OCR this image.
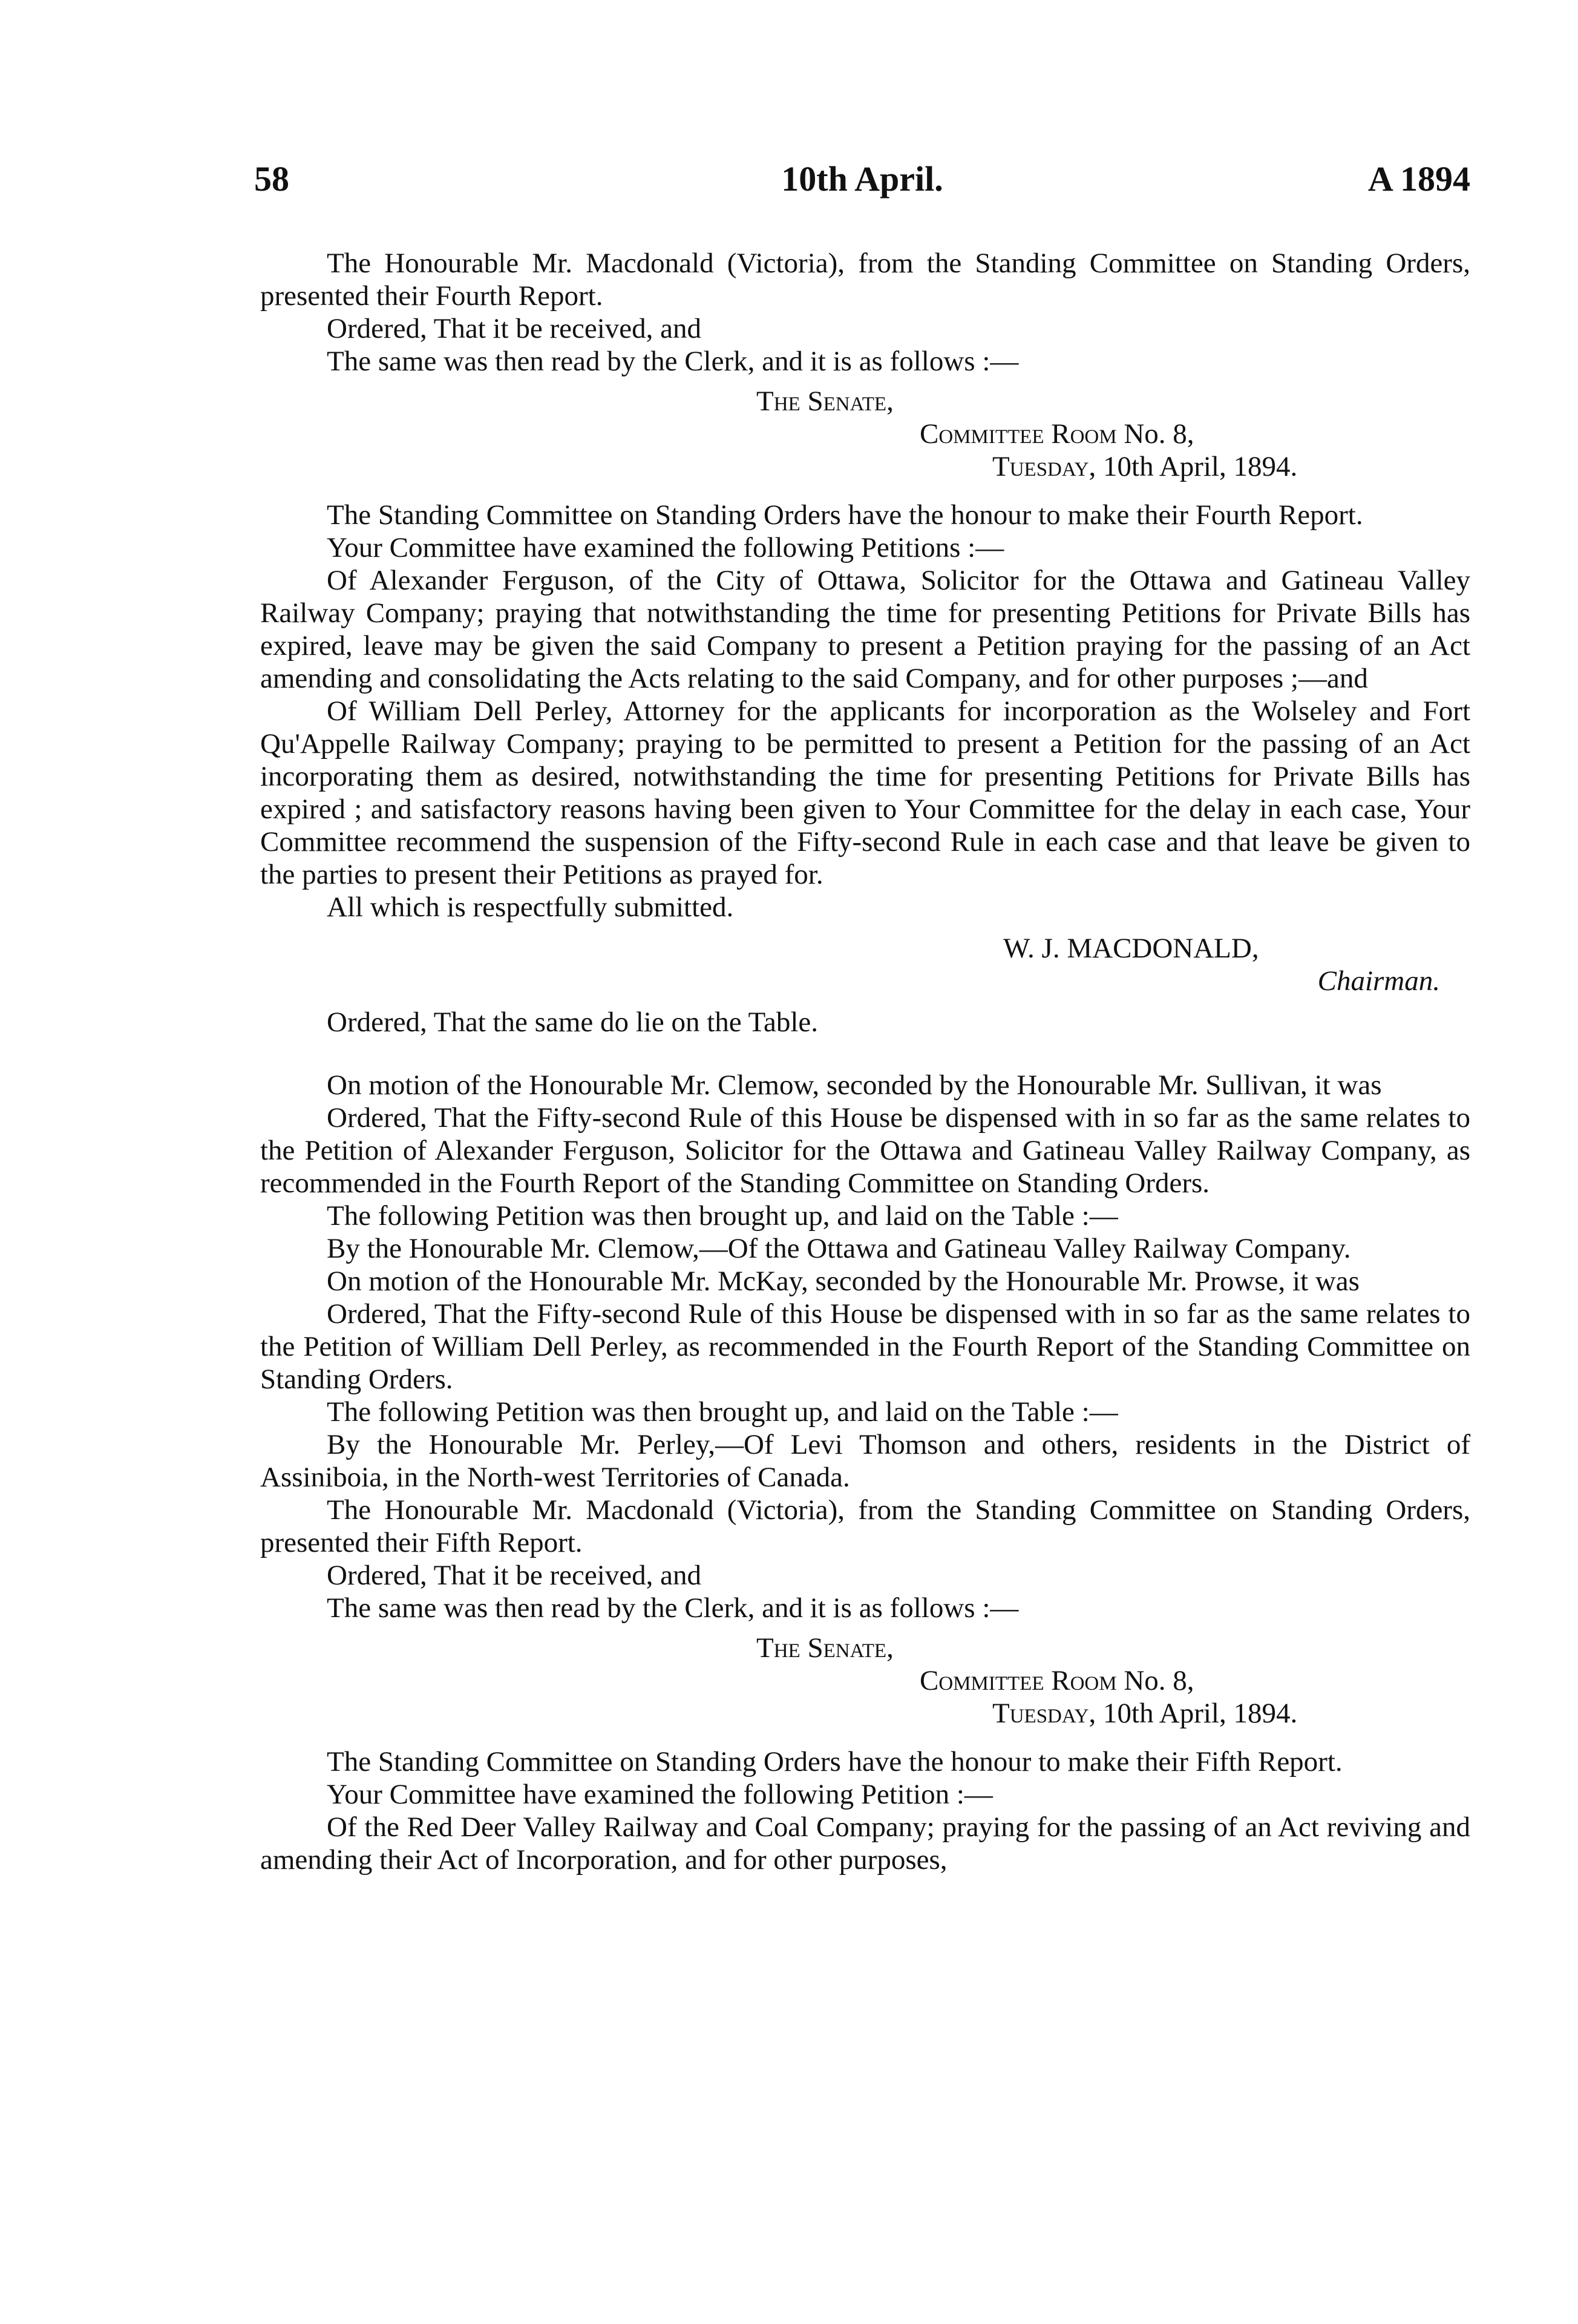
58	10th April.	A 1894

The Honourable Mr. Macdonald (Victoria), from the Standing Committee on Standing Orders, presented their Fourth Report.

Ordered, That it be received, and

The same was then read by the Clerk, and it is as follows :—

The Senate,

Committee Room No. 8,

Tuesday, 10th April, 1894.

The Standing Committee on Standing Orders have the honour to make their Fourth Report.

Your Committee have examined the following Petitions :—

Of Alexander Ferguson, of the City of Ottawa, Solicitor for the Ottawa and Gatineau Valley Railway Company; praying that notwithstanding the time for presenting Petitions for Private Bills has expired, leave may be given the said Company to present a Petition praying for the passing of an Act amending and consolidating the Acts relating to the said Company, and for other purposes ;—and

Of William Dell Perley, Attorney for the applicants for incorporation as the Wolseley and Fort Qu'Appelle Railway Company; praying to be permitted to present a Petition for the passing of an Act incorporating them as desired, notwithstanding the time for presenting Petitions for Private Bills has expired ; and satisfactory reasons having been given to Your Committee for the delay in each case, Your Committee recommend the suspension of the Fifty-second Rule in each case and that leave be given to the parties to present their Petitions as prayed for.

All which is respectfully submitted.

W. J. MACDONALD,

Chairman.

Ordered, That the same do lie on the Table.

On motion of the Honourable Mr. Clemow, seconded by the Honourable Mr. Sullivan, it was

Ordered, That the Fifty-second Rule of this House be dispensed with in so far as the same relates to the Petition of Alexander Ferguson, Solicitor for the Ottawa and Gatineau Valley Railway Company, as recommended in the Fourth Report of the Standing Committee on Standing Orders.

The following Petition was then brought up, and laid on the Table :—

By the Honourable Mr. Clemow,—Of the Ottawa and Gatineau Valley Railway Company.

On motion of the Honourable Mr. McKay, seconded by the Honourable Mr. Prowse, it was

Ordered, That the Fifty-second Rule of this House be dispensed with in so far as the same relates to the Petition of William Dell Perley, as recommended in the Fourth Report of the Standing Committee on Standing Orders.

The following Petition was then brought up, and laid on the Table :—

By the Honourable Mr. Perley,—Of Levi Thomson and others, residents in the District of Assiniboia, in the North-west Territories of Canada.

The Honourable Mr. Macdonald (Victoria), from the Standing Committee on Standing Orders, presented their Fifth Report.

Ordered, That it be received, and

The same was then read by the Clerk, and it is as follows :—

The Senate,

Committee Room No. 8,

Tuesday, 10th April, 1894.

The Standing Committee on Standing Orders have the honour to make their Fifth Report.

Your Committee have examined the following Petition :—

Of the Red Deer Valley Railway and Coal Company; praying for the passing of an Act reviving and amending their Act of Incorporation, and for other purposes,
